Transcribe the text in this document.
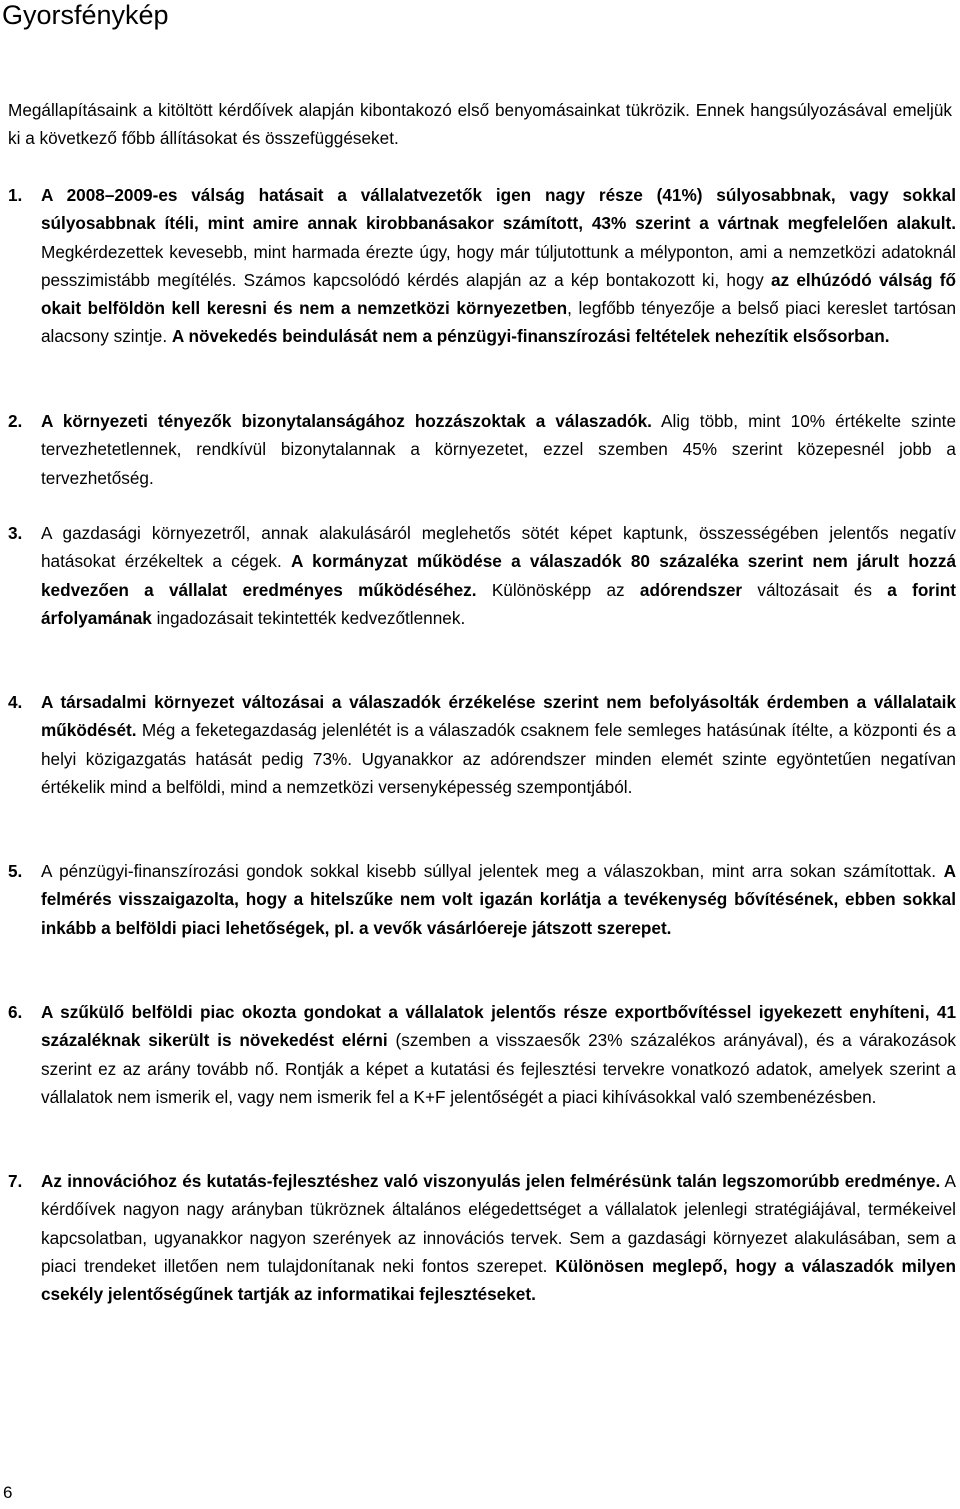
Gyorsfénykép

Megállapításaink a kitöltött kérdőívek alapján kibontakozó első benyomásainkat tükrözik. Ennek hangsúlyozásával emeljük ki a következő főbb állításokat és összefüggéseket.

1. A 2008–2009-es válság hatásait a vállalatvezetők igen nagy része (41%) súlyosabbnak, vagy sokkal súlyosabbnak ítéli, mint amire annak kirobbanásakor számított, 43% szerint a vártnak megfelelően alakult. Megkérdezettek kevesebb, mint harmada érezte úgy, hogy már túljutottunk a mélyponton, ami a nemzetközi adatoknál pesszimistább megítélés. Számos kapcsolódó kérdés alapján az a kép bontakozott ki, hogy az elhúzódó válság fő okait belföldön kell keresni és nem a nemzetközi környezetben, legfőbb tényezője a belső piaci kereslet tartósan alacsony szintje. A növekedés beindulását nem a pénzügyi-finanszírozási feltételek nehezítik elsősorban.

2. A környezeti tényezők bizonytalanságához hozzászoktak a válaszadók. Alig több, mint 10% értékelte szinte tervezhetetlennek, rendkívül bizonytalannak a környezetet, ezzel szemben 45% szerint közepesnél jobb a tervezhetőség.

3. A gazdasági környezetről, annak alakulásáról meglehetős sötét képet kaptunk, összességében jelentős negatív hatásokat érzékeltek a cégek. A kormányzat működése a válaszadók 80 százaléka szerint nem járult hozzá kedvezően a vállalat eredményes működéséhez. Különösképp az adórendszer változásait és a forint árfolyamának ingadozásait tekintették kedvezőtlennek.

4. A társadalmi környezet változásai a válaszadók érzékelése szerint nem befolyásolták érdemben a vállalataik működését. Még a feketegazdaság jelenlétét is a válaszadók csaknem fele semleges hatásúnak ítélte, a központi és a helyi közigazgatás hatását pedig 73%. Ugyanakkor az adórendszer minden elemét szinte egyöntetűen negatívan értékelik mind a belföldi, mind a nemzetközi versenyképesség szempontjából.

5. A pénzügyi-finanszírozási gondok sokkal kisebb súllyal jelentek meg a válaszokban, mint arra sokan számítottak. A felmérés visszaigazolta, hogy a hitelszűke nem volt igazán korlátja a tevékenység bővítésének, ebben sokkal inkább a belföldi piaci lehetőségek, pl. a vevők vásárlóereje játszott szerepet.

6. A szűkülő belföldi piac okozta gondokat a vállalatok jelentős része exportbővítéssel igyekezett enyhíteni, 41 százaléknak sikerült is növekedést elérni (szemben a visszaesők 23% százalékos arányával), és a várakozások szerint ez az arány tovább nő. Rontják a képet a kutatási és fejlesztési tervekre vonatkozó adatok, amelyek szerint a vállalatok nem ismerik el, vagy nem ismerik fel a K+F jelentőségét a piaci kihívásokkal való szembenézésben.

7. Az innovációhoz és kutatás-fejlesztéshez való viszonyulás jelen felmérésünk talán legszomorúbb eredménye. A kérdőívek nagyon nagy arányban tükröznek általános elégedettséget a vállalatok jelenlegi stratégiájával, termékeivel kapcsolatban, ugyanakkor nagyon szerények az innovációs tervek. Sem a gazdasági környezet alakulásában, sem a piaci trendeket illetően nem tulajdonítanak neki fontos szerepet. Különösen meglepő, hogy a válaszadók milyen csekély jelentőségűnek tartják az informatikai fejlesztéseket.

6
